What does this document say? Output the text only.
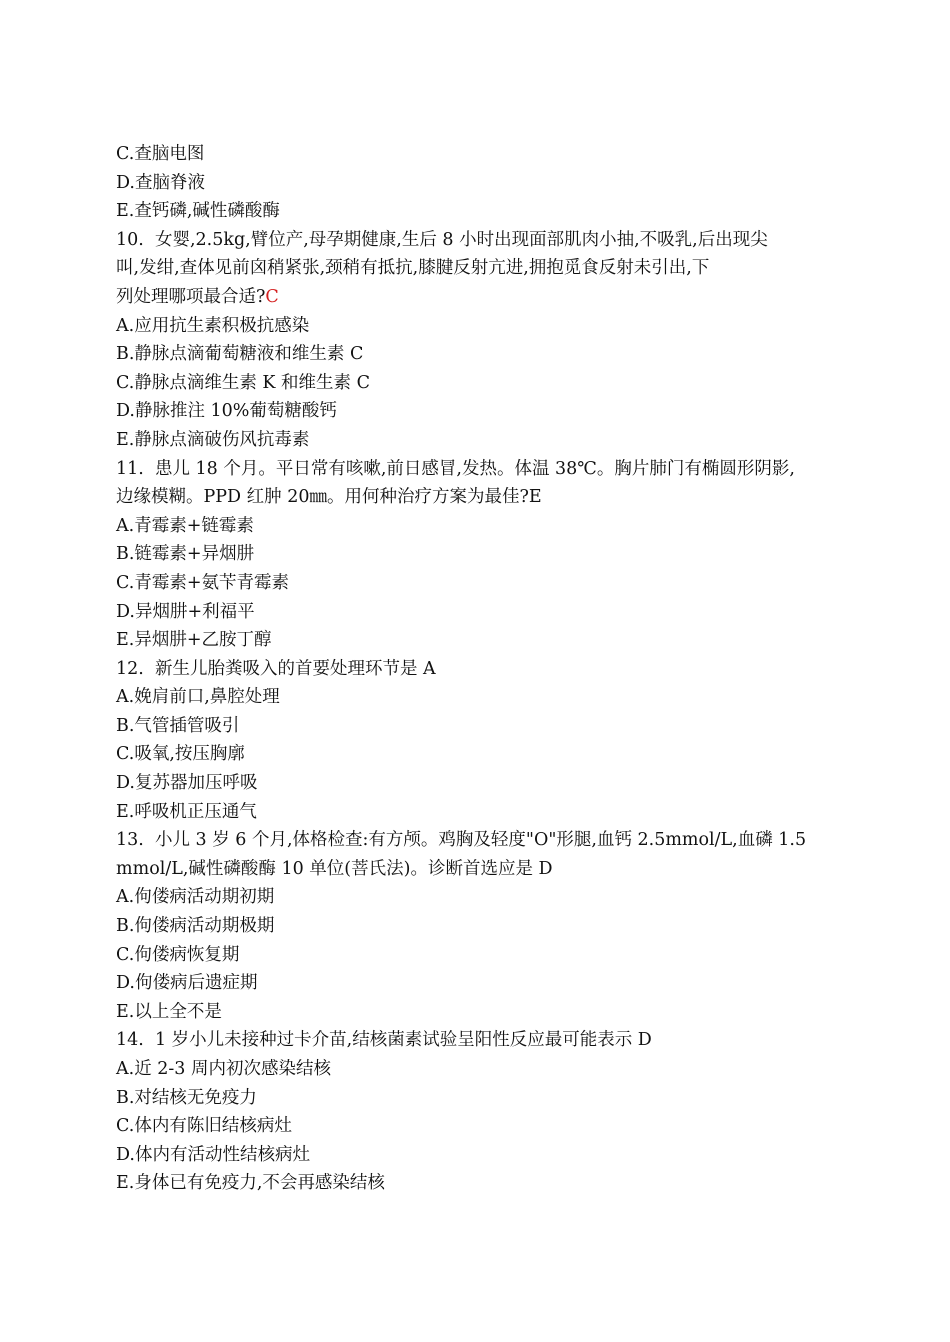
C.查脑电图

D.查脑脊液

E.查钙磷,碱性磷酸酶

10.  女婴,2.5kg,臂位产,母孕期健康,生后 8 小时出现面部肌肉小抽,不吸乳,后出现尖

叫,发绀,查体见前囟稍紧张,颈稍有抵抗,膝腱反射亢进,拥抱觅食反射未引出,下

列处理哪项最合适?C

A.应用抗生素积极抗感染

B.静脉点滴葡萄糖液和维生素 C

C.静脉点滴维生素 K 和维生素 C

D.静脉推注 10%葡萄糖酸钙

E.静脉点滴破伤风抗毒素

11.  患儿 18 个月。平日常有咳嗽,前日感冒,发热。体温 38℃。胸片肺门有椭圆形阴影,

边缘模糊。PPD 红肿 20㎜。用何种治疗方案为最佳?E

A.青霉素+链霉素

B.链霉素+异烟肼

C.青霉素+氨苄青霉素

D.异烟肼+利福平

E.异烟肼+乙胺丁醇

12.  新生儿胎粪吸入的首要处理环节是 A

A.娩肩前口,鼻腔处理

B.气管插管吸引

C.吸氧,按压胸廓

D.复苏器加压呼吸

E.呼吸机正压通气

13.  小儿 3 岁 6 个月,体格检查:有方颅。鸡胸及轻度"O"形腿,血钙 2.5mmol/L,血磷 1.5

mmol/L,碱性磷酸酶 10 单位(菩氏法)。诊断首选应是 D

A.佝偻病活动期初期

B.佝偻病活动期极期

C.佝偻病恢复期

D.佝偻病后遗症期

E.以上全不是

14.  1 岁小儿未接种过卡介苗,结核菌素试验呈阳性反应最可能表示 D

A.近 2-3 周内初次感染结核

B.对结核无免疫力

C.体内有陈旧结核病灶

D.体内有活动性结核病灶

E.身体已有免疫力,不会再感染结核
